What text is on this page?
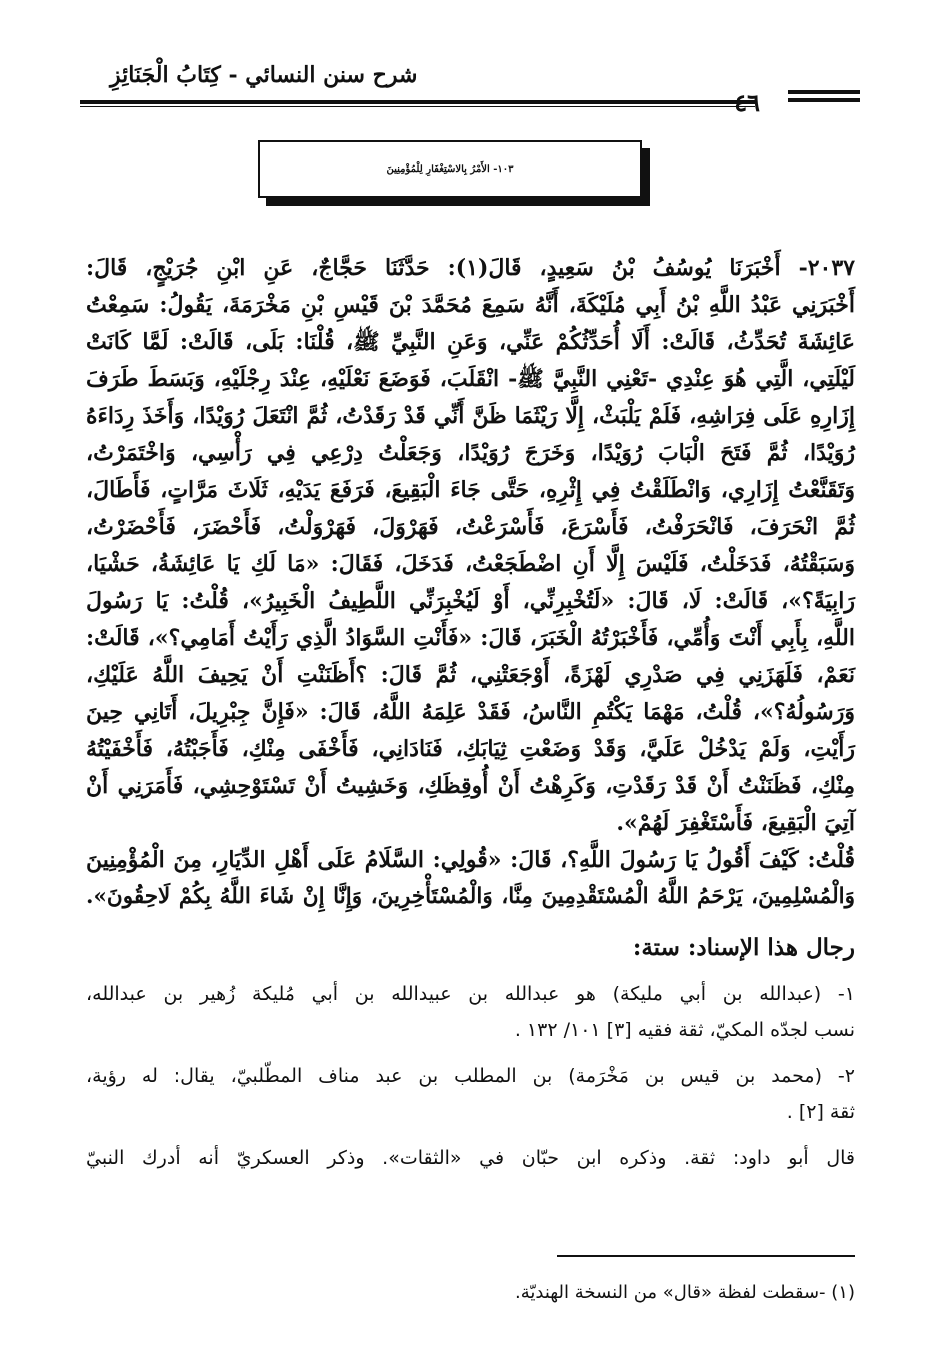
شرح سنن النسائي - كِتَابُ الْجَنَائِزِ
٤٦
١٠٣- الأَمْرُ بِالاسْتِغْفَارِ لِلْمُؤْمِنِينَ
٢٠٣٧- أَخْبَرَنَا يُوسُفُ بْنُ سَعِيدٍ، قَالَ(١): حَدَّثَنَا حَجَّاجٌ، عَنِ ابْنِ جُرَيْجٍ، قَالَ:
أَخْبَرَنِي عَبْدُ اللَّهِ بْنُ أَبِي مُلَيْكَةَ، أَنَّهُ سَمِعَ مُحَمَّدَ بْنَ قَيْسِ بْنِ مَخْرَمَةَ، يَقُولُ: سَمِعْتُ
عَائِشَةَ تُحَدِّثُ، قَالَتْ: أَلَا أُحَدِّثُكُمْ عَنِّي، وَعَنِ النَّبِيِّ ﷺ، قُلْنَا: بَلَى، قَالَتْ: لَمَّا كَانَتْ
لَيْلَتِي، الَّتِي هُوَ عِنْدِي -تَعْنِي النَّبِيَّ ﷺ- انْقَلَبَ، فَوَضَعَ نَعْلَيْهِ، عِنْدَ رِجْلَيْهِ، وَبَسَطَ طَرَفَ
إِزَارِهِ عَلَى فِرَاشِهِ، فَلَمْ يَلْبَثْ، إِلَّا رَيْثَمَا ظَنَّ أَنِّي قَدْ رَقَدْتُ، ثُمَّ انْتَعَلَ رُوَيْدًا، وَأَخَذَ رِدَاءَهُ
رُوَيْدًا، ثُمَّ فَتَحَ الْبَابَ رُوَيْدًا، وَخَرَجَ رُوَيْدًا، وَجَعَلْتُ دِرْعِي فِي رَأْسِي، وَاخْتَمَرْتُ،
وَتَقَنَّعْتُ إِزَارِي، وَانْطَلَقْتُ فِي إِثْرِهِ، حَتَّى جَاءَ الْبَقِيعَ، فَرَفَعَ يَدَيْهِ، ثَلَاثَ مَرَّاتٍ، فَأَطَالَ،
ثُمَّ انْحَرَفَ، فَانْحَرَفْتُ، فَأَسْرَعَ، فَأَسْرَعْتُ، فَهَرْوَلَ، فَهَرْوَلْتُ، فَأَحْضَرَ، فَأَحْضَرْتُ،
وَسَبَقْتُهُ، فَدَخَلْتُ، فَلَيْسَ إِلَّا أَنِ اضْطَجَعْتُ، فَدَخَلَ، فَقَالَ: «مَا لَكِ يَا عَائِشَةُ، حَشْيَا،
رَابِيَةً؟»، قَالَتْ: لَا، قَالَ: «لَتُخْبِرِنِّي، أَوْ لَيُخْبِرَنِّي اللَّطِيفُ الْخَبِيرُ»، قُلْتُ: يَا رَسُولَ
اللَّهِ، بِأَبِي أَنْتَ وَأُمِّي، فَأَخْبَرْتُهُ الْخَبَرَ، قَالَ: «فَأَنْتِ السَّوَادُ الَّذِي رَأَيْتُ أَمَامِي؟»، قَالَتْ:
نَعَمْ، فَلَهَزَنِي فِي صَدْرِي لَهْزَةً، أَوْجَعَتْنِي، ثُمَّ قَالَ: ؟أَظَنَنْتِ أَنْ يَحِيفَ اللَّهُ عَلَيْكِ،
وَرَسُولُهُ؟»، قُلْتُ، مَهْمَا يَكْتُمِ النَّاسُ، فَقَدْ عَلِمَهُ اللَّهُ، قَالَ: «فَإِنَّ جِبْرِيلَ، أَتَانِي حِينَ
رَأَيْتِ، وَلَمْ يَدْخُلْ عَلَيَّ، وَقَدْ وَضَعْتِ ثِيَابَكِ، فَنَادَانِي، فَأَخْفَى مِنْكِ، فَأَجَبْتُهُ، فَأَخْفَيْتُهُ
مِنْكِ، فَظَنَنْتُ أَنْ قَدْ رَقَدْتِ، وَكَرِهْتُ أَنْ أُوقِظَكِ، وَخَشِيتُ أَنْ تَسْتَوْحِشِي، فَأَمَرَنِي أَنْ
آتِيَ الْبَقِيعَ، فَأَسْتَغْفِرَ لَهُمْ».
قُلْتُ: كَيْفَ أَقُولُ يَا رَسُولَ اللَّهِ؟، قَالَ: «قُولِي: السَّلَامُ عَلَى أَهْلِ الدِّيَارِ، مِنَ الْمُؤْمِنِينَ
وَالْمُسْلِمِينَ، يَرْحَمُ اللَّهُ الْمُسْتَقْدِمِينَ مِنَّا، وَالْمُسْتَأْخِرِينَ، وَإِنَّا إِنْ شَاءَ اللَّهُ بِكُمْ لَاحِقُونَ».
رجال هذا الإسناد: ستة:
١- (عبدالله بن أبي مليكة) هو عبدالله بن عبيدالله بن أبي مُليكة زُهير بن عبدالله،
نسب لجدّه المكيّ، ثقة فقيه [٣] ١٠١/ ١٣٢ .
٢- (محمد بن قيس بن مَخْرَمة) بن المطلب بن عبد مناف المطّلبيّ، يقال: له رؤية،
ثقة [٢] .
قال أبو داود: ثقة. وذكره ابن حبّان في «الثقات». وذكر العسكريّ أنه أدرك النبيّ
(١) -سقطت لفظة «قال» من النسخة الهنديّة.
